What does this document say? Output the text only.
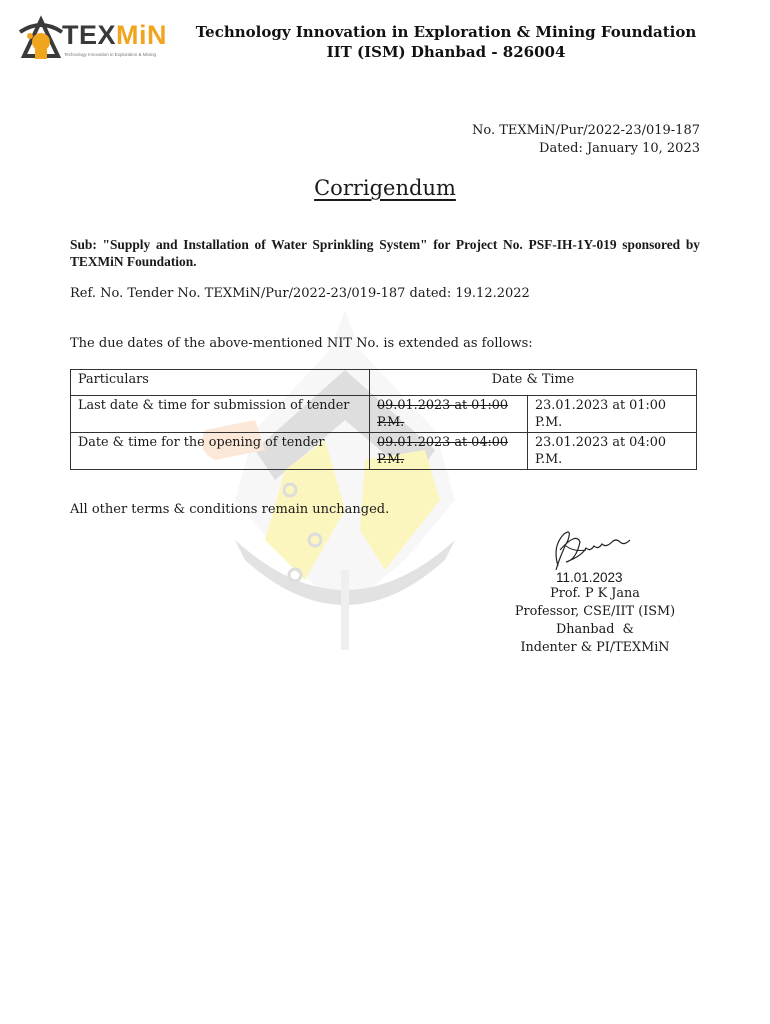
TEXMiN
Technology Innovation in Exploration & Mining
Technology Innovation in Exploration & Mining Foundation
IIT (ISM) Dhanbad - 826004
No. TEXMiN/Pur/2022-23/019-187
Dated: January 10, 2023
Corrigendum
Sub: "Supply and Installation of Water Sprinkling System" for Project No. PSF-IH-1Y-019 sponsored by TEXMiN Foundation.
Ref. No. Tender No. TEXMiN/Pur/2022-23/019-187 dated: 19.12.2022
The due dates of the above-mentioned NIT No. is extended as follows:
Particulars	Date & Time	
Last date & time for submission of tender	09.01.2023 at 01:00 P.M.	23.01.2023 at 01:00 P.M.
Date & time for the opening of tender	09.01.2023 at 04:00 P.M.	23.01.2023 at 04:00 P.M.
All other terms & conditions remain unchanged.
11.01.2023
Prof. P K Jana
Professor, CSE/IIT (ISM)
Dhanbad  &
Indenter & PI/TEXMiN
